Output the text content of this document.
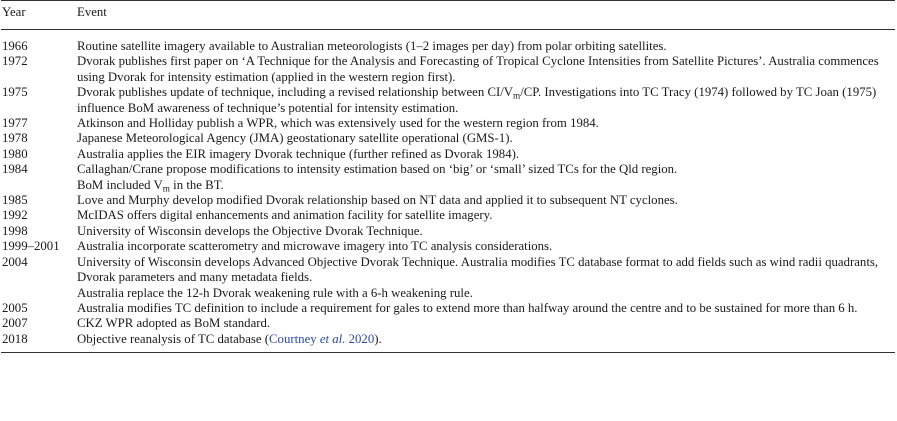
Year	Event
1966	Routine satellite imagery available to Australian meteorologists (1–2 images per day) from polar orbiting satellites.
1972	Dvorak publishes first paper on ‘A Technique for the Analysis and Forecasting of Tropical Cyclone Intensities from Satellite Pictures’. Australia commences using Dvorak for intensity estimation (applied in the western region first).
1975	Dvorak publishes update of technique, including a revised relationship between $CI/V_m/CP$. Investigations into TC Tracy (1974) followed by TC Joan (1975) influence BoM awareness of technique’s potential for intensity estimation.
1977	Atkinson and Holliday publish a WPR, which was extensively used for the western region from 1984.
1978	Japanese Meteorological Agency (JMA) geostationary satellite operational (GMS-1).
1980	Australia applies the EIR imagery Dvorak technique (further refined as Dvorak 1984).
1984	Callaghan/Crane propose modifications to intensity estimation based on ‘big’ or ‘small’ sized TCs for the Qld region.
BoM included $V_m$ in the BT.

1985	Love and Murphy develop modified Dvorak relationship based on NT data and applied it to subsequent NT cyclones.
1992	McIDAS offers digital enhancements and animation facility for satellite imagery.
1998	University of Wisconsin develops the Objective Dvorak Technique.
1999–2001	Australia incorporate scatterometry and microwave imagery into TC analysis considerations.
2004	University of Wisconsin develops Advanced Objective Dvorak Technique. Australia modifies TC database format to add fields such as wind radii quadrants, Dvorak parameters and many metadata fields.
Australia replace the 12-h Dvorak weakening rule with a 6-h weakening rule.

2005	Australia modifies TC definition to include a requirement for gales to extend more than halfway around the centre and to be sustained for more than 6 h.
2007	CKZ WPR adopted as BoM standard.
2018	Objective reanalysis of TC database (Courtney et al. 2020).
